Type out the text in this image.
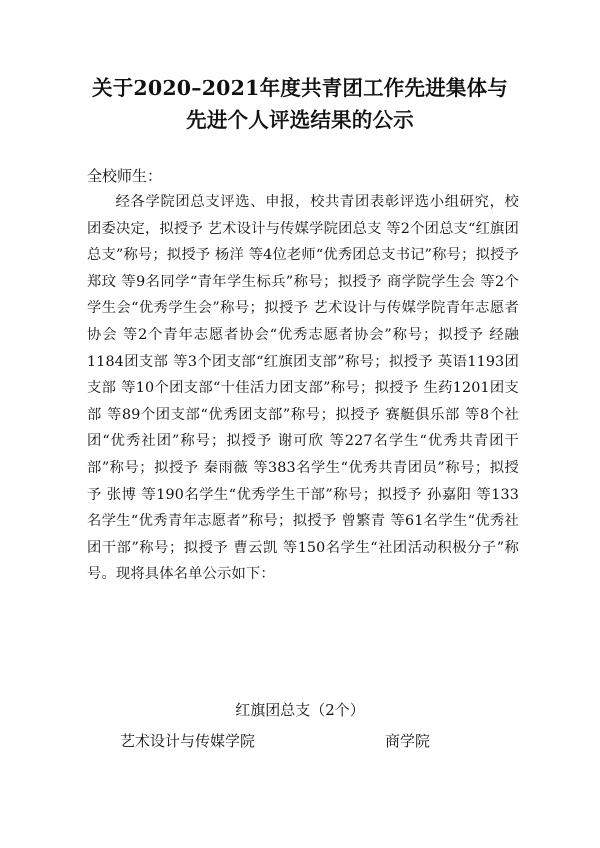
关于2020–2021年度共青团工作先进集体与
先进个人评选结果的公示
全校师生：
经各学院团总支评选、申报，校共青团表彰评选小组研究，校团委决定，拟授予 艺术设计与传媒学院团总支 等2个团总支“红旗团总支”称号；拟授予 杨洋 等4位老师“优秀团总支书记”称号；拟授予 郑玟 等9名同学“青年学生标兵”称号；拟授予 商学院学生会 等2个学生会“优秀学生会”称号；拟授予 艺术设计与传媒学院青年志愿者协会 等2个青年志愿者协会“优秀志愿者协会”称号；拟授予 经融1184团支部 等3个团支部“红旗团支部”称号；拟授予 英语1193团支部 等10个团支部“十佳活力团支部”称号；拟授予 生药1201团支部 等89个团支部“优秀团支部”称号；拟授予 赛艇俱乐部 等8个社团“优秀社团”称号；拟授予 谢可欣 等227名学生“优秀共青团干部”称号；拟授予 秦雨薇 等383名学生“优秀共青团员”称号；拟授予 张博 等190名学生“优秀学生干部”称号；拟授予 孙嘉阳 等133名学生“优秀青年志愿者”称号；拟授予 曾繁青 等61名学生“优秀社团干部”称号；拟授予 曹云凯 等150名学生“社团活动积极分子”称号。现将具体名单公示如下：
红旗团总支（2个）
艺术设计与传媒学院	商学院
